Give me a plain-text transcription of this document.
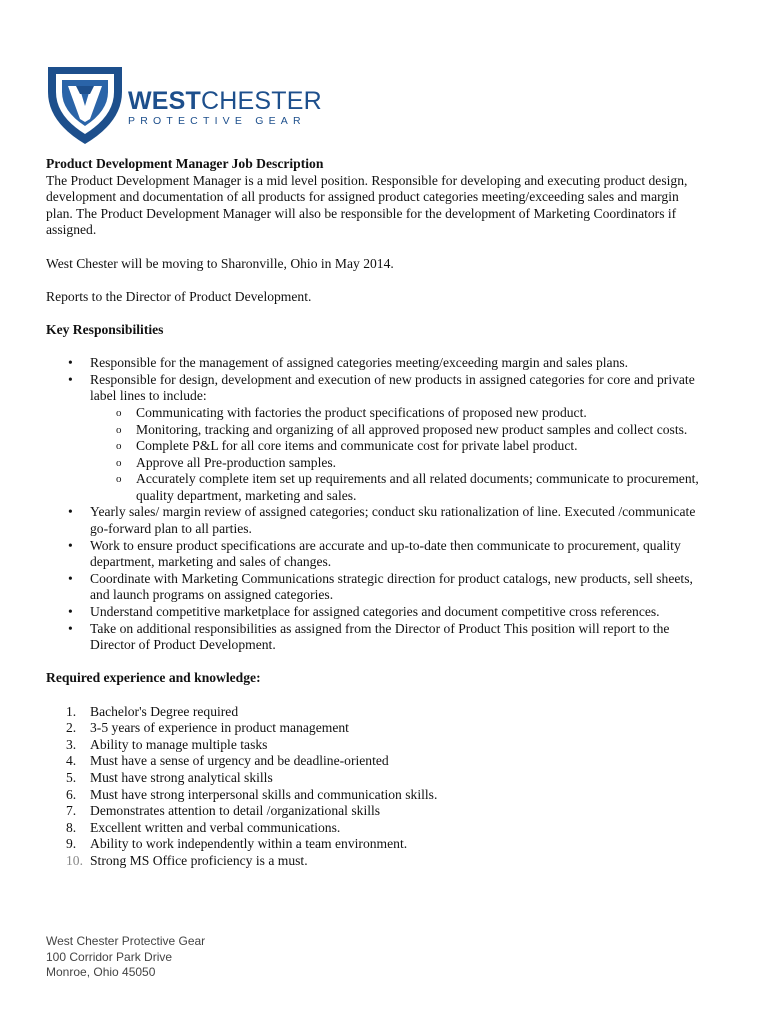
WESTCHESTER
PROTECTIVE GEAR

Product Development Manager Job Description

The Product Development Manager is a mid level position. Responsible for developing and executing product design, development and documentation of all products for assigned product categories meeting/exceeding sales and margin plan. The Product Development Manager will also be responsible for the development of Marketing Coordinators if assigned.

West Chester will be moving to Sharonville, Ohio in May 2014.

Reports to the Director of Product Development.

Key Responsibilities

• Responsible for the management of assigned categories meeting/exceeding margin and sales plans.
• Responsible for design, development and execution of new products in assigned categories for core and private label lines to include:
o Communicating with factories the product specifications of proposed new product.
o Monitoring, tracking and organizing of all approved proposed new product samples and collect costs.
o Complete P&L for all core items and communicate cost for private label product.
o Approve all Pre-production samples.
o Accurately complete item set up requirements and all related documents; communicate to procurement, quality department, marketing and sales.
• Yearly sales/ margin review of assigned categories; conduct sku rationalization of line. Executed /communicate go-forward plan to all parties.
• Work to ensure product specifications are accurate and up-to-date then communicate to procurement, quality department, marketing and sales of changes.
• Coordinate with Marketing Communications strategic direction for product catalogs, new products, sell sheets, and launch programs on assigned categories.
• Understand competitive marketplace for assigned categories and document competitive cross references.
• Take on additional responsibilities as assigned from the Director of Product This position will report to the Director of Product Development.

Required experience and knowledge:

1.	Bachelor's Degree required
2.	3-5 years of experience in product management
3.	Ability to manage multiple tasks
4.	Must have a sense of urgency and be deadline-oriented
5.	Must have strong analytical skills
6.	Must have strong interpersonal skills and communication skills.
7.	Demonstrates attention to detail /organizational skills
8.	Excellent written and verbal communications.
9.	Ability to work independently within a team environment.
10. Strong MS Office proficiency is a must.
West Chester Protective Gear
100 Corridor Park Drive
Monroe, Ohio 45050
